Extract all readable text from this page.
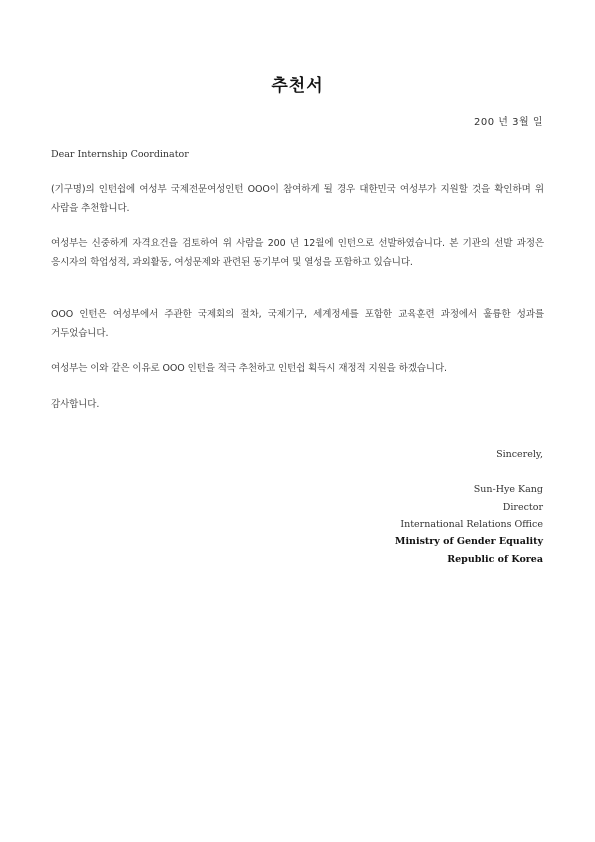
추천서
200 년 3월 일
Dear Internship Coordinator
(기구명)의 인턴쉽에 여성부 국제전문여성인턴 OOO이 참여하게 될 경우 대한민국 여성부가 지원할 것을 확인하며 위 사람을 추천합니다.
여성부는 신중하게 자격요건을 검토하여 위 사람을 200 년 12월에 인턴으로 선발하였습니다. 본 기관의 선발 과정은 응시자의 학업성적, 과외활동, 여성문제와 관련된 동기부여 및 열성을 포함하고 있습니다.
OOO 인턴은 여성부에서 주관한 국제회의 절차, 국제기구, 세계정세를 포함한 교육훈련 과정에서 훌륭한 성과를 거두었습니다.
여성부는 이와 같은 이유로 OOO 인턴을 적극 추천하고 인턴쉽 획득시 재정적 지원을 하겠습니다.
감사합니다.
Sincerely,
Sun-Hye Kang
Director
International Relations Office
Ministry of Gender Equality
Republic of Korea
